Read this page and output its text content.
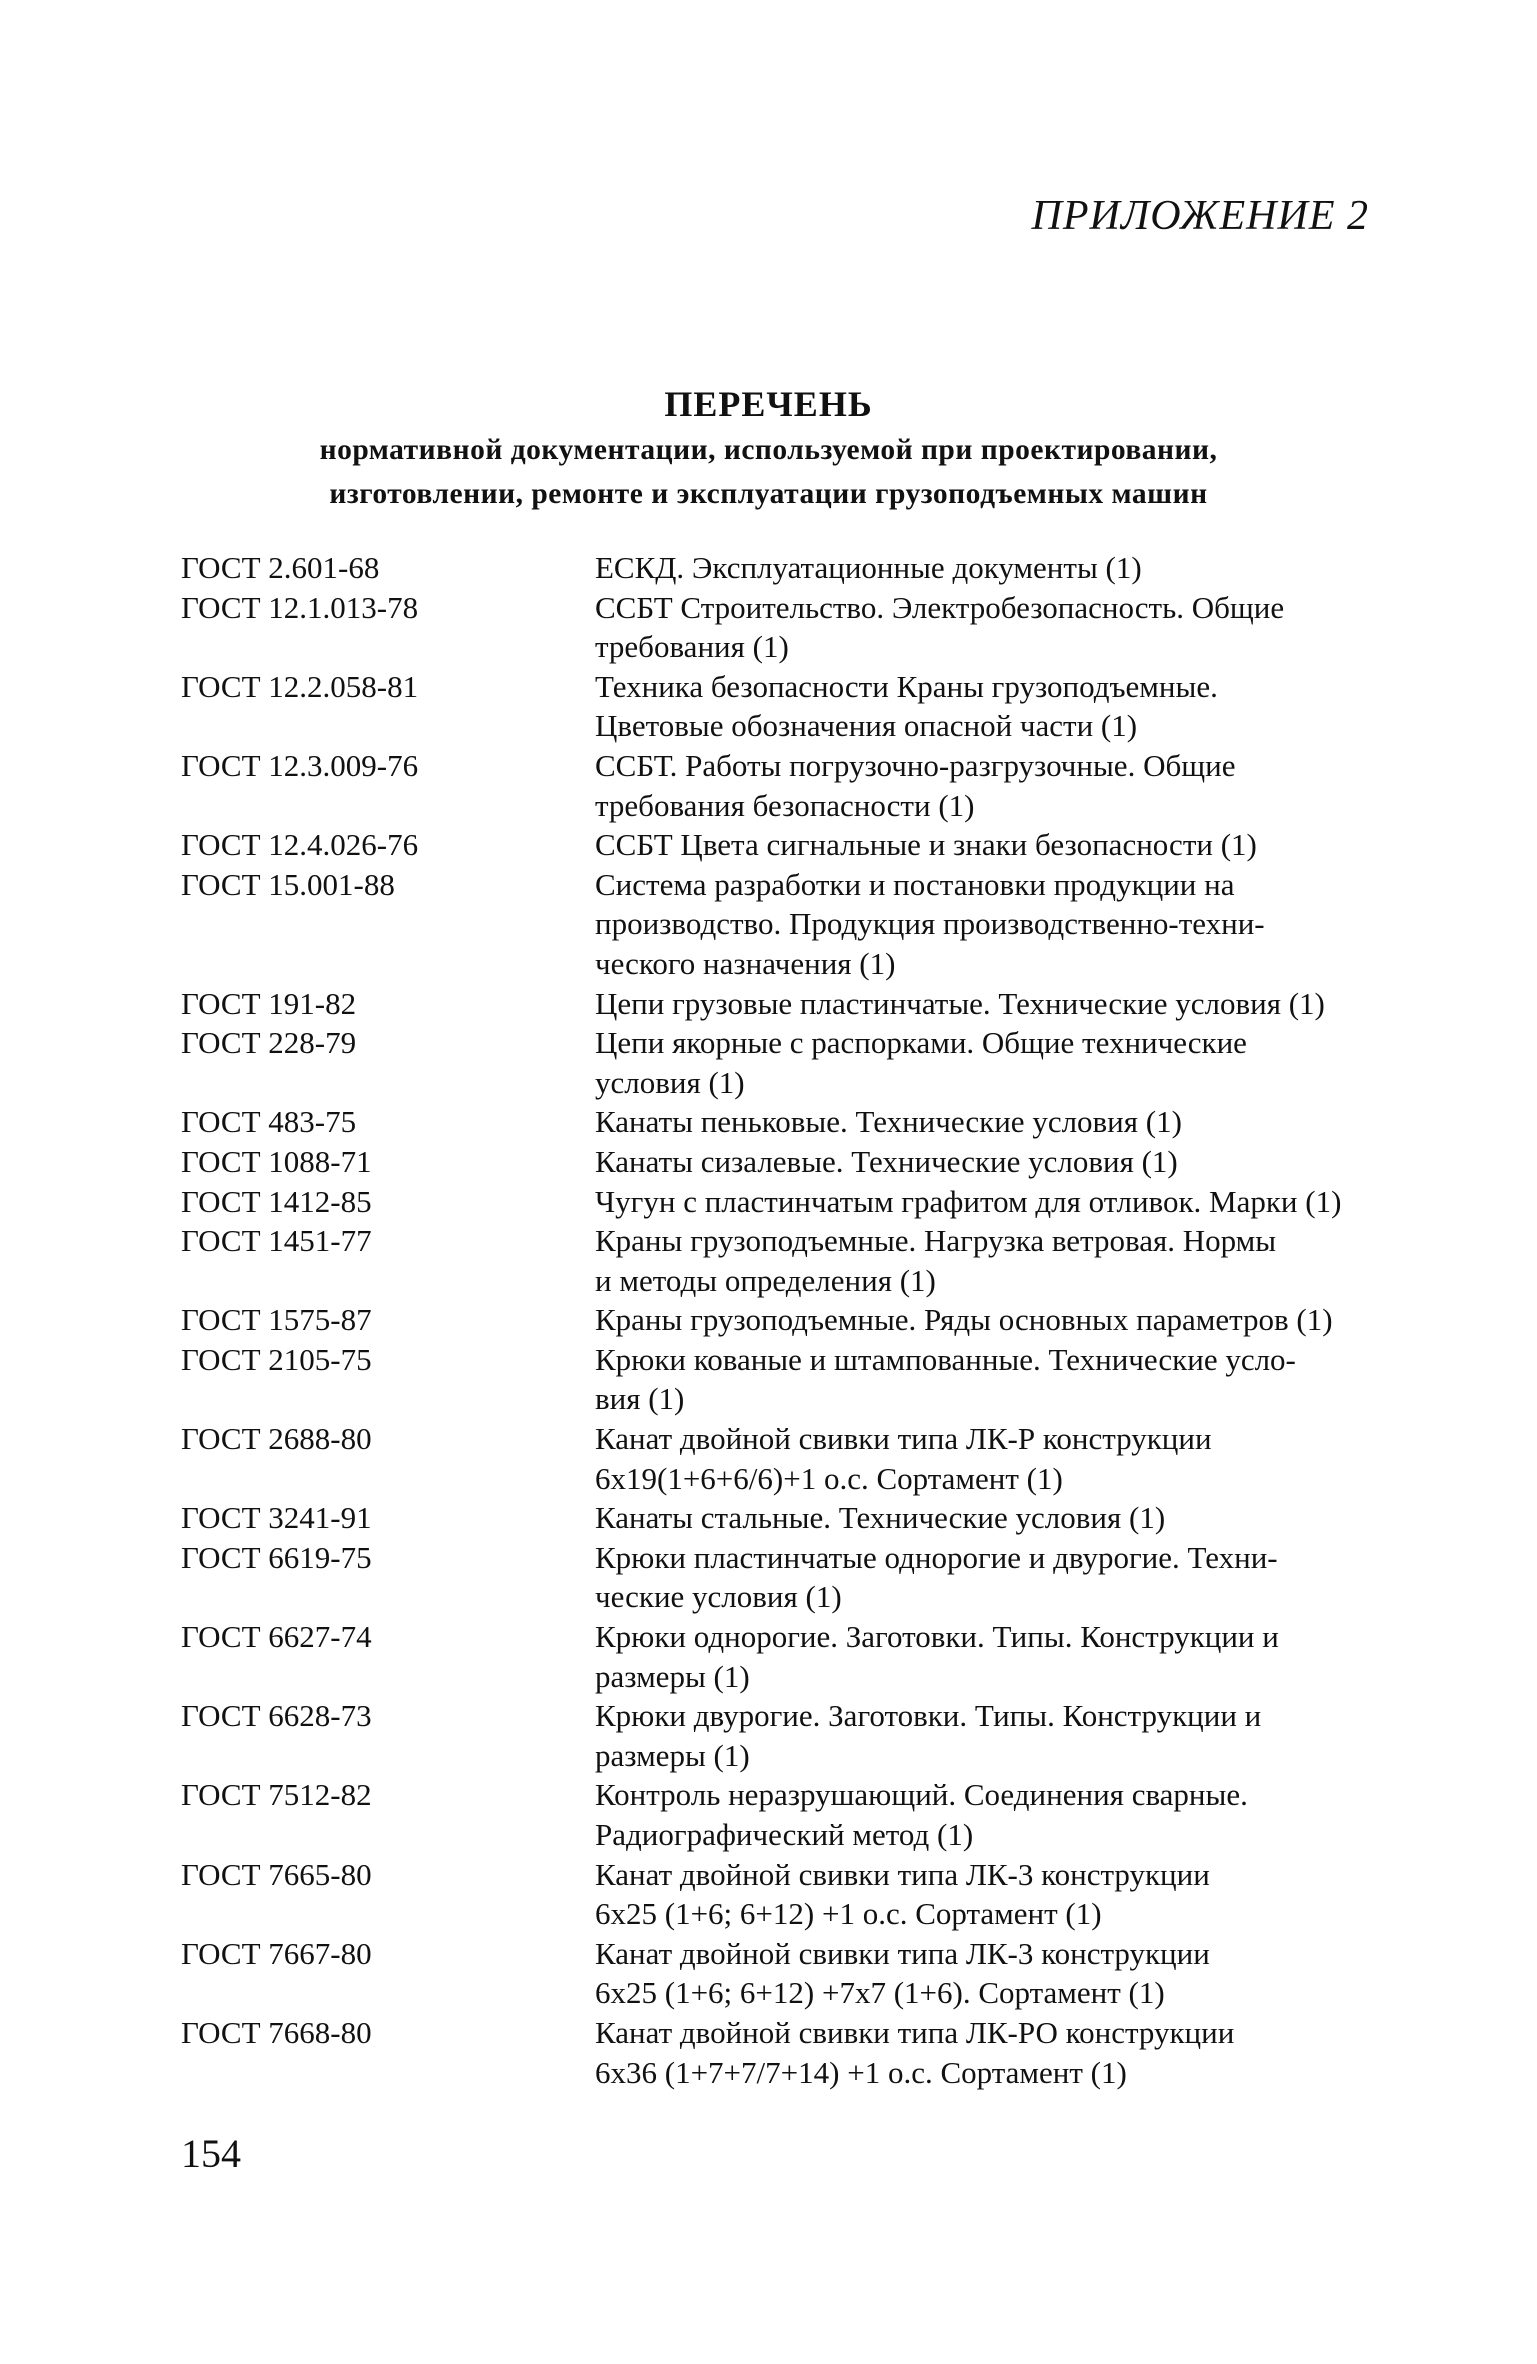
ПРИЛОЖЕНИЕ 2
ПЕРЕЧЕНЬ
нормативной документации, используемой при проектировании,
изготовлении, ремонте и эксплуатации грузоподъемных машин
ГОСТ 2.601-68	ЕСКД. Эксплуатационные документы (1)
ГОСТ 12.1.013-78	ССБТ Строительство. Электробезопасность. Общие
требования (1)
ГОСТ 12.2.058-81	Техника безопасности Краны грузоподъемные.
Цветовые обозначения опасной части (1)
ГОСТ 12.3.009-76	ССБТ. Работы погрузочно-разгрузочные. Общие
требования безопасности (1)
ГОСТ 12.4.026-76	ССБТ Цвета сигнальные и знаки безопасности (1)
ГОСТ 15.001-88	Система разработки и постановки продукции на
производство. Продукция производственно-техни-
ческого назначения (1)
ГОСТ 191-82	Цепи грузовые пластинчатые. Технические условия (1)
ГОСТ 228-79	Цепи якорные с распорками. Общие технические
условия (1)
ГОСТ 483-75	Канаты пеньковые. Технические условия (1)
ГОСТ 1088-71	Канаты сизалевые. Технические условия (1)
ГОСТ 1412-85	Чугун с пластинчатым графитом для отливок. Марки (1)
ГОСТ 1451-77	Краны грузоподъемные. Нагрузка ветровая. Нормы
и методы определения (1)
ГОСТ 1575-87	Краны грузоподъемные. Ряды основных параметров (1)
ГОСТ 2105-75	Крюки кованые и штампованные. Технические усло-
вия (1)
ГОСТ 2688-80	Канат двойной свивки типа ЛК-Р конструкции
6х19(1+6+6/6)+1 о.с. Сортамент (1)
ГОСТ 3241-91	Канаты стальные. Технические условия (1)
ГОСТ 6619-75	Крюки пластинчатые однорогие и двурогие. Техни-
ческие условия (1)
ГОСТ 6627-74	Крюки однорогие. Заготовки. Типы. Конструкции и
размеры (1)
ГОСТ 6628-73	Крюки двурогие. Заготовки. Типы. Конструкции и
размеры (1)
ГОСТ 7512-82	Контроль неразрушающий. Соединения сварные.
Радиографический метод (1)
ГОСТ 7665-80	Канат двойной свивки типа ЛК-3 конструкции
6х25 (1+6; 6+12) +1 о.с. Сортамент (1)
ГОСТ 7667-80	Канат двойной свивки типа ЛК-3 конструкции
6х25 (1+6; 6+12) +7х7 (1+6). Сортамент (1)
ГОСТ 7668-80	Канат двойной свивки типа ЛК-РО конструкции
6х36 (1+7+7/7+14) +1 о.с. Сортамент (1)
154
